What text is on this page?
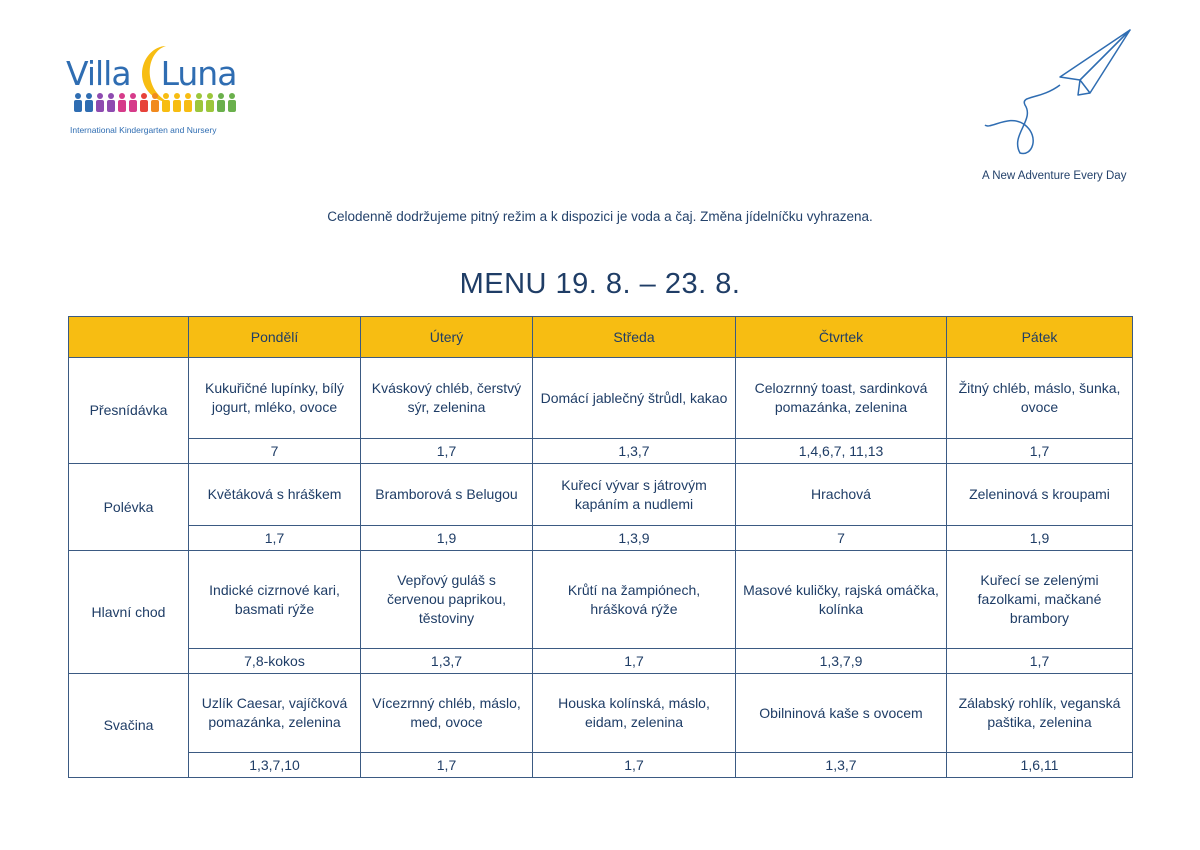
Villa Luna
International Kindergarten and Nursery
A New Adventure Every Day
Celodenně dodržujeme pitný režim a k dispozici je voda a čaj. Změna jídelníčku vyhrazena.
MENU 19. 8. – 23. 8.
	Pondělí	Úterý	Středa	Čtvrtek	Pátek
Přesnídávka	Kukuřičné lupínky, bílý jogurt, mléko, ovoce	Kváskový chléb, čerstvý sýr, zelenina	Domácí jablečný štrůdl, kakao	Celozrnný toast, sardinková pomazánka, zelenina	Žitný chléb, máslo, šunka, ovoce
	7	1,7	1,3,7	1,4,6,7, 11,13	1,7
Polévka	Květáková s hráškem	Bramborová s Belugou	Kuřecí vývar s játrovým kapáním a nudlemi	Hrachová	Zeleninová s kroupami
	1,7	1,9	1,3,9	7	1,9
Hlavní chod	Indické cizrnové kari, basmati rýže	Vepřový guláš s červenou paprikou, těstoviny	Krůtí na žampiónech, hrášková rýže	Masové kuličky, rajská omáčka, kolínka	Kuřecí se zelenými fazolkami, mačkané brambory
	7,8-kokos	1,3,7	1,7	1,3,7,9	1,7
Svačina	Uzlík Caesar, vajíčková pomazánka, zelenina	Vícezrnný chléb, máslo, med, ovoce	Houska kolínská, máslo, eidam, zelenina	Obilninová kaše s ovocem	Zálabský rohlík, veganská paštika, zelenina
	1,3,7,10	1,7	1,7	1,3,7	1,6,11
